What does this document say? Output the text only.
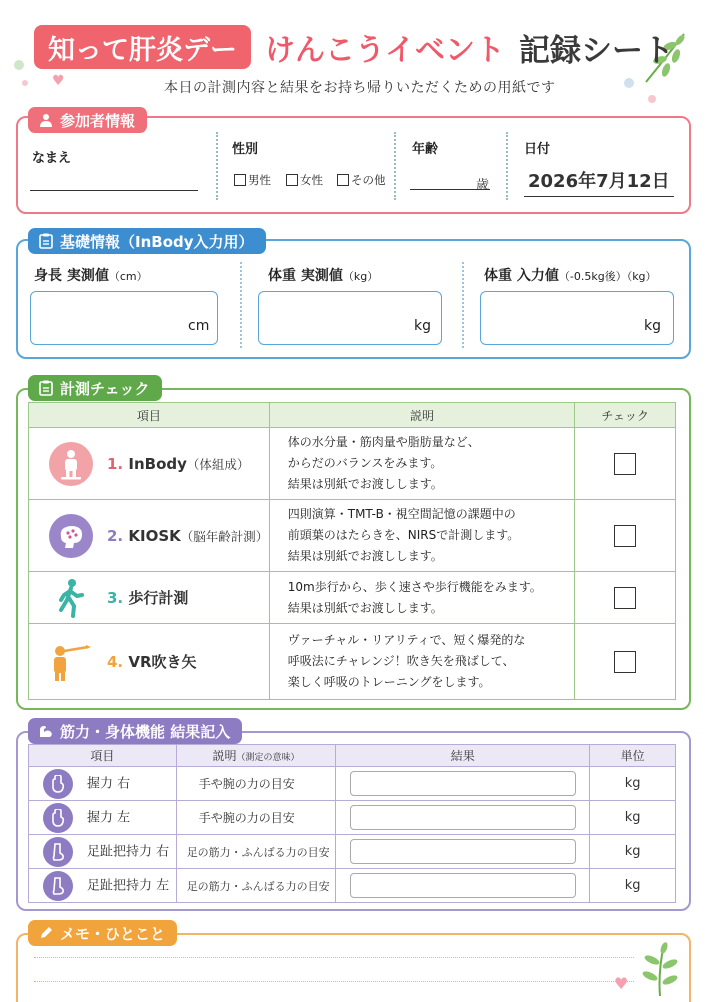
♥
知って肝炎デー けんこうイベント 記録シート
本日の計測内容と結果をお持ち帰りいただくための用紙です
参加者情報
なまえ
性別
男性	女性	その他
年齢
歳
日付
2026年7月12日
基礎情報（InBody入力用）
身長 実測値（cm）
cm
体重 実測値（kg）
kg
体重 入力値（-0.5kg後）（kg）
kg
計測チェック
項目	説明	チェック

1. InBody（体組成）	体の水分量・筋肉量や脂肪量など、
からだのバランスをみます。
結果は別紙でお渡しします。	

2. KIOSK（脳年齢計測）	四則演算・TMT-B・視空間記憶の課題中の
前頭葉のはたらきを、NIRSで計測します。
結果は別紙でお渡しします。	

3. 歩行計測	10m歩行から、歩く速さや歩行機能をみます。
結果は別紙でお渡しします。	

4. VR吹き矢	ヴァーチャル・リアリティで、短く爆発的な
呼吸法にチャレンジ！吹き矢を飛ばして、
楽しく呼吸のトレーニングをします。	

筋力・身体機能 結果記入
項目	説明（測定の意味）	結果	単位

握力 右	手や腕の力の目安		kg

握力 左	手や腕の力の目安		kg

足趾把持力 右	足の筋力・ふんばる力の目安		kg

足趾把持力 左	足の筋力・ふんばる力の目安		kg
メモ・ひとこと
♥
